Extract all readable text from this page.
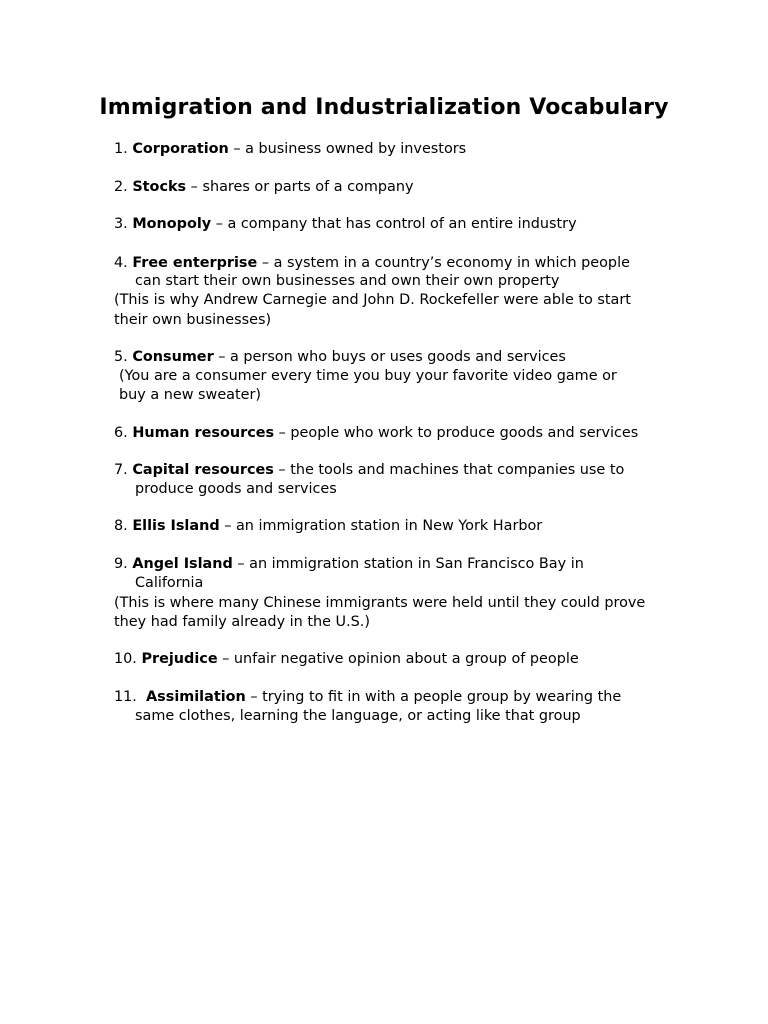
Immigration and Industrialization Vocabulary
1. Corporation – a business owned by investors
2. Stocks – shares or parts of a company
3. Monopoly – a company that has control of an entire industry
4. Free enterprise – a system in a country’s economy in which people
can start their own businesses and own their own property
(This is why Andrew Carnegie and John D. Rockefeller were able to start
their own businesses)
5. Consumer – a person who buys or uses goods and services
(You are a consumer every time you buy your favorite video game or
buy a new sweater)
6. Human resources – people who work to produce goods and services
7. Capital resources – the tools and machines that companies use to
produce goods and services
8. Ellis Island – an immigration station in New York Harbor
9. Angel Island – an immigration station in San Francisco Bay in
California
(This is where many Chinese immigrants were held until they could prove
they had family already in the U.S.)
10. Prejudice – unfair negative opinion about a group of people
11. Assimilation – trying to fit in with a people group by wearing the
same clothes, learning the language, or acting like that group
